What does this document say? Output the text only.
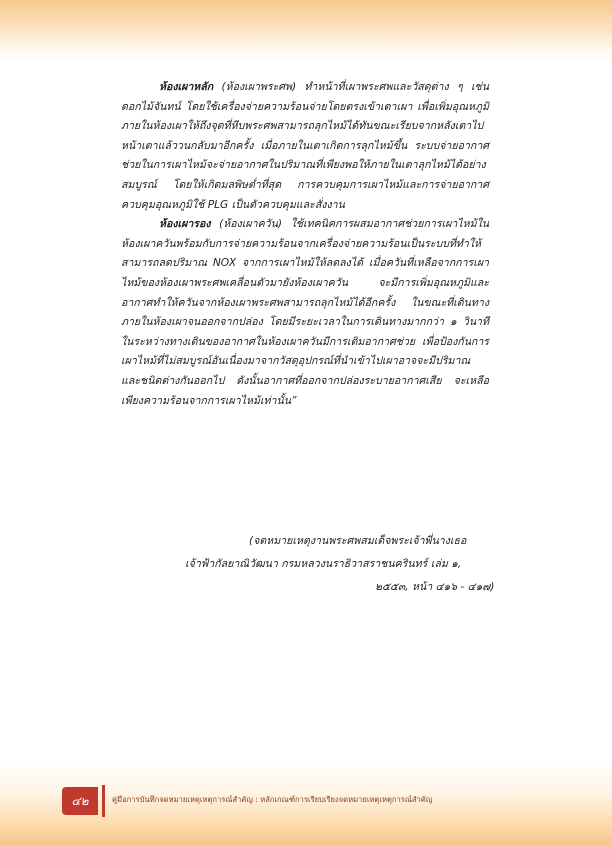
ห้องเผาหลัก (ห้องเผาพระศพ) ทำหน้าที่เผาพระศพและวัสดุต่าง ๆ เช่น ดอกไม้จันทน์ โดยใช้เครื่องจ่ายความร้อนจ่ายโดยตรงเข้าเตาเผา เพื่อเพิ่มอุณหภูมิภายในห้องเผาให้ถึงจุดที่หีบพระศพสามารถลุกไหม้ได้ทันขณะเรียบจากหลังเตาไปหน้าเตาแล้ววนกลับมาอีกครั้ง เมื่อภายในเตาเกิดการลุกไหม้ขึ้น ระบบจ่ายอากาศช่วยในการเผาไหม้จะจ่ายอากาศในปริมาณที่เพียงพอให้ภายในเตาลุกไหม้ได้อย่างสมบูรณ์ โดยให้เกิดมลพิษต่ำที่สุด การควบคุมการเผาไหม้และการจ่ายอากาศควบคุมอุณหภูมิใช้ PLG เป็นตัวควบคุมและสั่งงาน

ห้องเผารอง (ห้องเผาควัน) ใช้เทคนิคการผสมอากาศช่วยการเผาไหม้ในห้องเผาควันพร้อมกับการจ่ายความร้อนจากเครื่องจ่ายความร้อนเป็นระบบที่ทำให้สามารถลดปริมาณ NOX จากการเผาไหม้ให้ลดลงได้ เมื่อควันที่เหลือจากการเผาไหม้ของห้องเผาพระศพเคลื่อนตัวมายังห้องเผาควัน จะมีการเพิ่มอุณหภูมิและอากาศทำให้ควันจากห้องเผาพระศพสามารถลุกไหม้ได้อีกครั้ง ในขณะที่เดินทางภายในห้องเผาจนออกจากปล่อง โดยมีระยะเวลาในการเดินทางมากกว่า ๑ วินาที ในระหว่างทางเดินของอากาศในห้องเผาควันมีการเติมอากาศช่วย เพื่อป้องกันการเผาไหม้ที่ไม่สมบูรณ์อันเนื่องมาจากวัสดุอุปกรณ์ที่นำเข้าไปเผาอาจจะมีปริมาณและชนิดต่างกันออกไป ดังนั้นอากาศที่ออกจากปล่องระบายอากาศเสีย จะเหลือเพียงความร้อนจากการเผาไหม้เท่านั้น”

(จดหมายเหตุงานพระศพสมเด็จพระเจ้าพี่นางเธอ
เจ้าฟ้ากัลยาณิวัฒนา กรมหลวงนราธิวาสราชนครินทร์ เล่ม ๑,
๒๕๕๓, หน้า ๔๑๖ - ๔๑๗)
๔๒	คู่มือการบันทึกจดหมายเหตุเหตุการณ์สำคัญ : หลักเกณฑ์การเรียบเรียงจดหมายเหตุเหตุการณ์สำคัญ
